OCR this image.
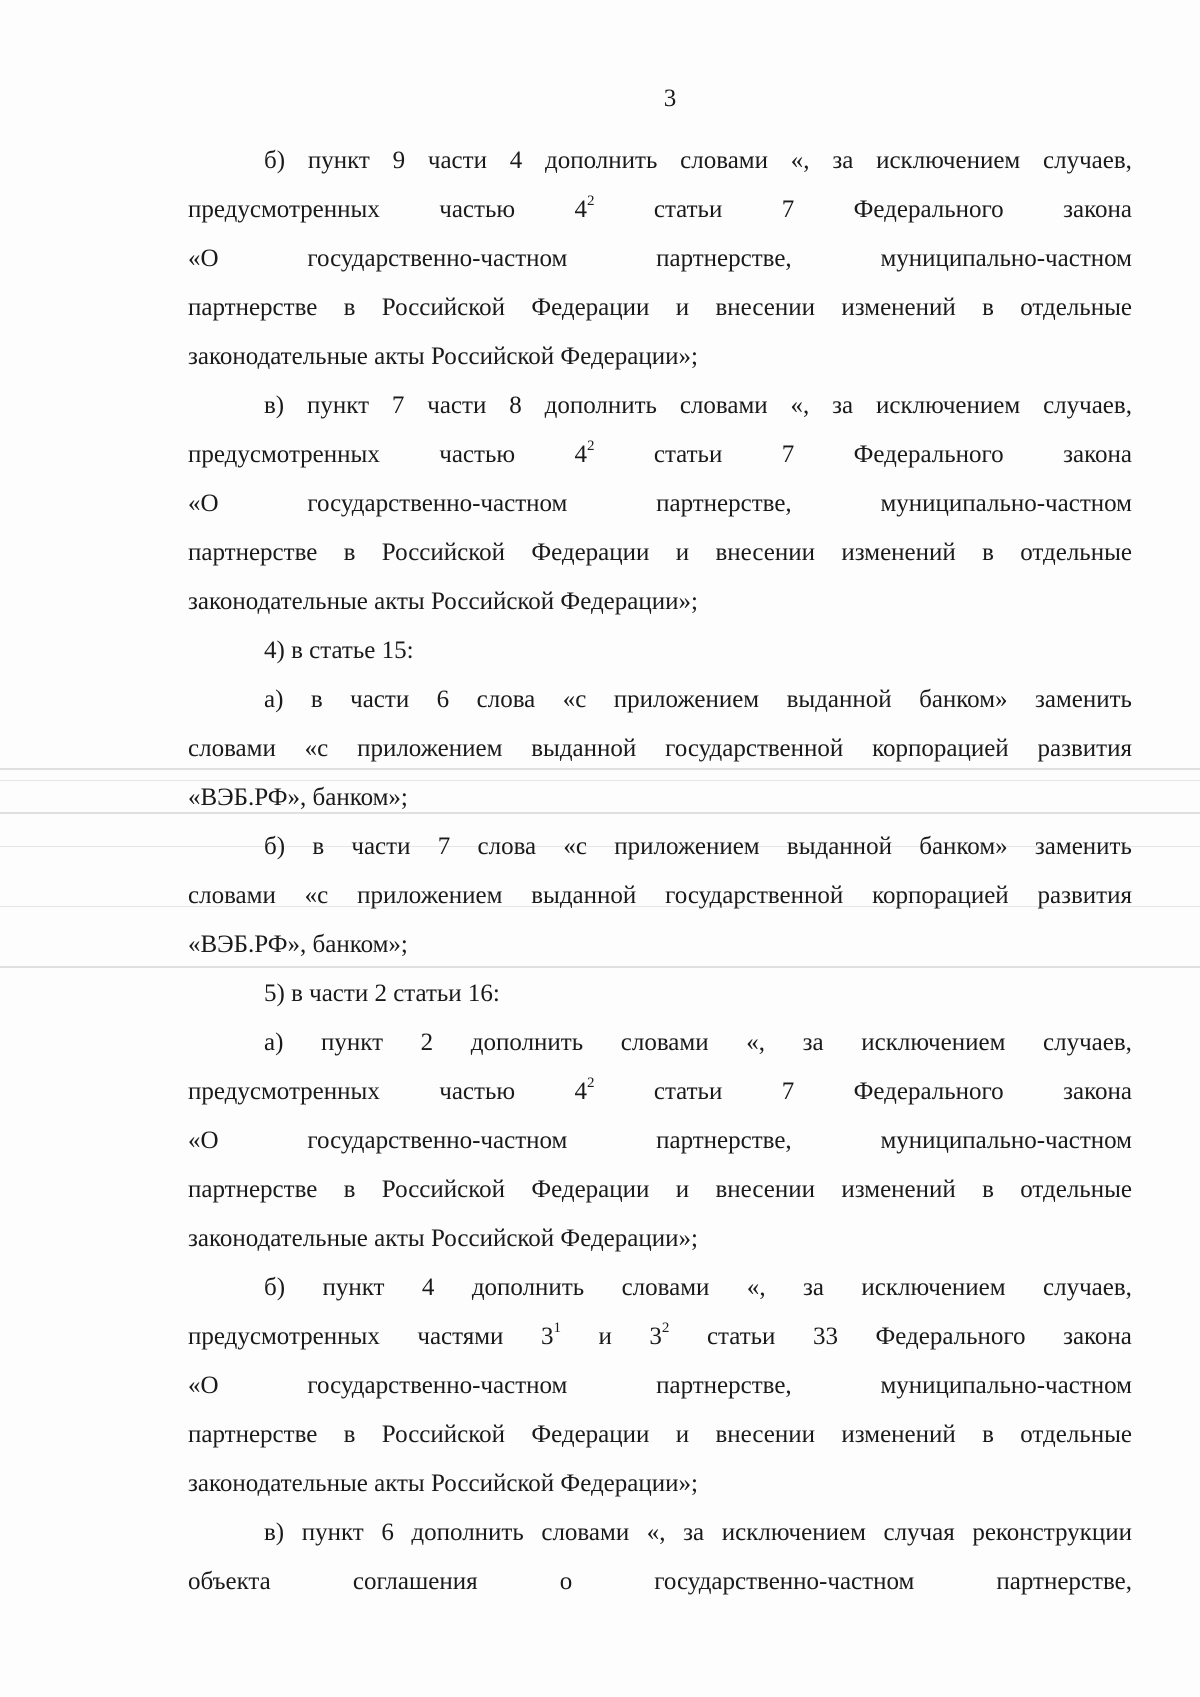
3
б) пункт 9 части 4 дополнить словами «, за исключением случаев,
предусмотренных частью $4^2$ статьи 7 Федерального закона
«О	государственно-частном	партнерстве,	муниципально-частном
партнерстве в Российской Федерации и внесении изменений в отдельные
законодательные акты Российской Федерации»;
в) пункт 7 части 8 дополнить словами «, за исключением случаев,
предусмотренных частью $4^2$ статьи 7 Федерального закона
«О	государственно-частном	партнерстве,	муниципально-частном
партнерстве в Российской Федерации и внесении изменений в отдельные
законодательные акты Российской Федерации»;
4) в статье 15:
а) в части 6 слова «с приложением выданной банком» заменить
словами «с приложением выданной государственной корпорацией развития
«ВЭБ.РФ», банком»;
б) в части 7 слова «с приложением выданной банком» заменить
словами «с приложением выданной государственной корпорацией развития
«ВЭБ.РФ», банком»;
5) в части 2 статьи 16:
а) пункт 2 дополнить словами «, за исключением случаев,
предусмотренных частью $4^2$ статьи 7 Федерального закона
«О	государственно-частном	партнерстве,	муниципально-частном
партнерстве в Российской Федерации и внесении изменений в отдельные
законодательные акты Российской Федерации»;
б) пункт 4 дополнить словами «, за исключением случаев,
предусмотренных частями $3^1$ и $3^2$ статьи 33 Федерального закона
«О	государственно-частном	партнерстве,	муниципально-частном
партнерстве в Российской Федерации и внесении изменений в отдельные
законодательные акты Российской Федерации»;
в) пункт 6 дополнить словами «, за исключением случая реконструкции
объекта	соглашения	о	государственно-частном	партнерстве,
